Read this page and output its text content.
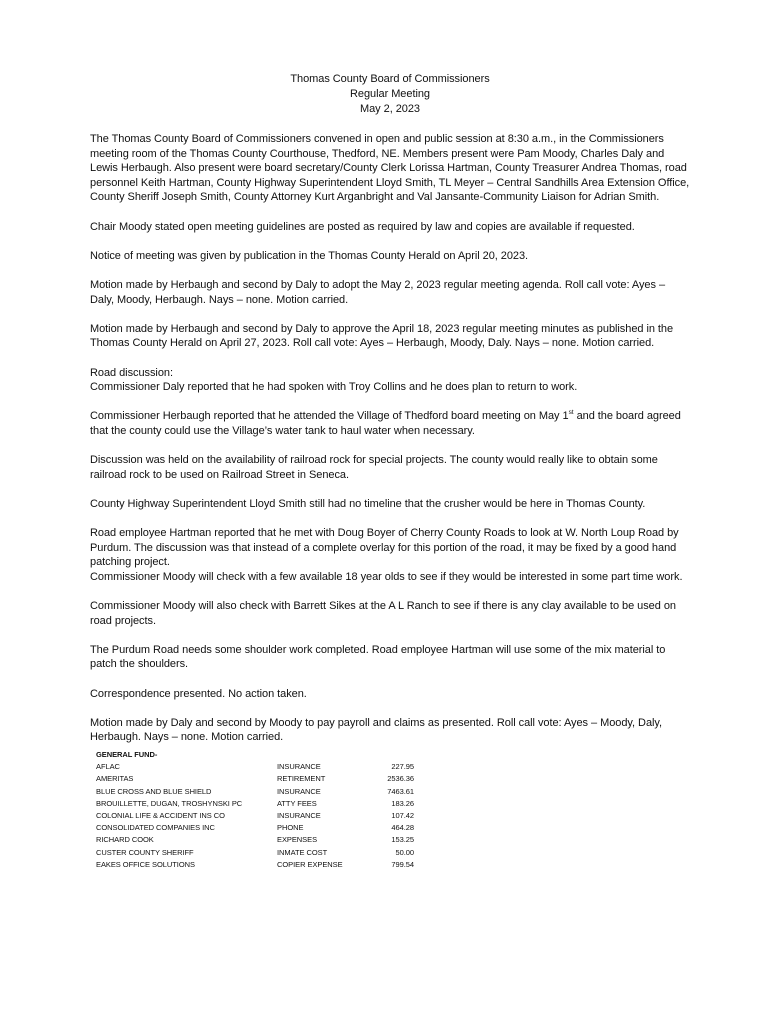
Thomas County Board of Commissioners
Regular Meeting
May 2, 2023

The Thomas County Board of Commissioners convened in open and public session at 8:30 a.m., in the Commissioners meeting room of the Thomas County Courthouse, Thedford, NE. Members present were Pam Moody, Charles Daly and Lewis Herbaugh. Also present were board secretary/County Clerk Lorissa Hartman, County Treasurer Andrea Thomas, road personnel Keith Hartman, County Highway Superintendent Lloyd Smith, TL Meyer – Central Sandhills Area Extension Office, County Sheriff Joseph Smith, County Attorney Kurt Arganbright and Val Jansante-Community Liaison for Adrian Smith.

Chair Moody stated open meeting guidelines are posted as required by law and copies are available if requested.

Notice of meeting was given by publication in the Thomas County Herald on April 20, 2023.

Motion made by Herbaugh and second by Daly to adopt the May 2, 2023 regular meeting agenda. Roll call vote: Ayes – Daly, Moody, Herbaugh. Nays – none. Motion carried.

Motion made by Herbaugh and second by Daly to approve the April 18, 2023 regular meeting minutes as published in the Thomas County Herald on April 27, 2023. Roll call vote: Ayes – Herbaugh, Moody, Daly. Nays – none. Motion carried.

Road discussion:

Commissioner Daly reported that he had spoken with Troy Collins and he does plan to return to work.

Commissioner Herbaugh reported that he attended the Village of Thedford board meeting on May 1st and the board agreed that the county could use the Village’s water tank to haul water when necessary.

Discussion was held on the availability of railroad rock for special projects. The county would really like to obtain some railroad rock to be used on Railroad Street in Seneca.

County Highway Superintendent Lloyd Smith still had no timeline that the crusher would be here in Thomas County.

Road employee Hartman reported that he met with Doug Boyer of Cherry County Roads to look at W. North Loup Road by Purdum. The discussion was that instead of a complete overlay for this portion of the road, it may be fixed by a good hand patching project.

Commissioner Moody will check with a few available 18 year olds to see if they would be interested in some part time work.

Commissioner Moody will also check with Barrett Sikes at the A L Ranch to see if there is any clay available to be used on road projects.

The Purdum Road needs some shoulder work completed. Road employee Hartman will use some of the mix material to patch the shoulders.

Correspondence presented. No action taken.

Motion made by Daly and second by Moody to pay payroll and claims as presented. Roll call vote: Ayes – Moody, Daly, Herbaugh. Nays – none. Motion carried.

GENERAL FUND-
AFLAC	INSURANCE	227.95
AMERITAS	RETIREMENT	2536.36
BLUE CROSS AND BLUE SHIELD	INSURANCE	7463.61
BROUILLETTE, DUGAN, TROSHYNSKI PC	ATTY FEES	183.26
COLONIAL LIFE & ACCIDENT INS CO	INSURANCE	107.42
CONSOLIDATED COMPANIES INC	PHONE	464.28
RICHARD COOK	EXPENSES	153.25
CUSTER COUNTY SHERIFF	INMATE COST	50.00
EAKES OFFICE SOLUTIONS	COPIER EXPENSE	799.54
